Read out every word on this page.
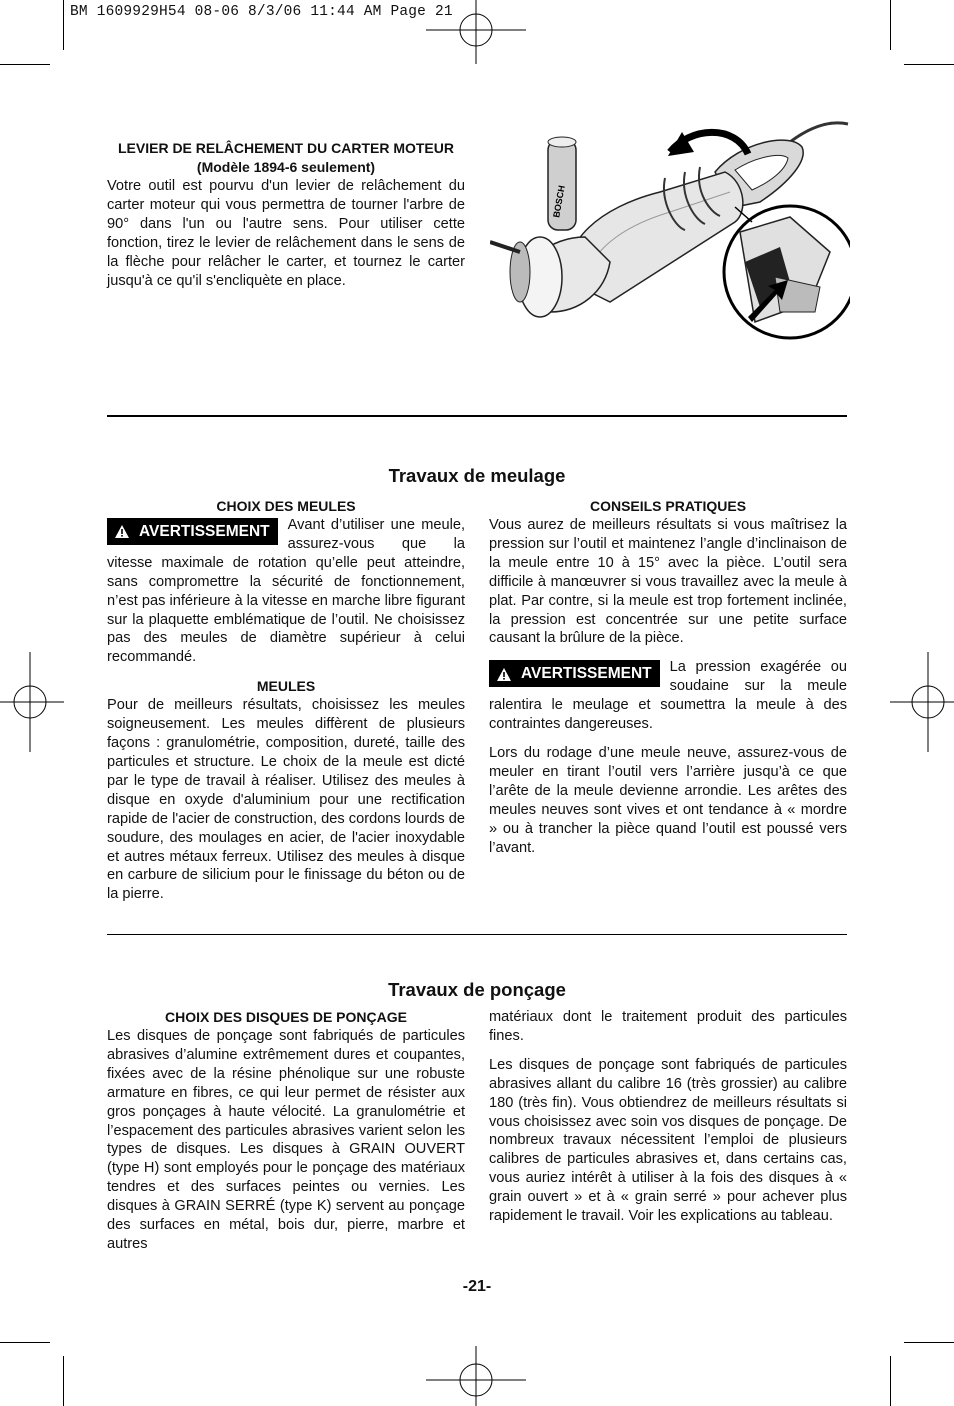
BM 1609929H54 08-06 8/3/06 11:44 AM Page 21
LEVIER DE RELÂCHEMENT DU CARTER MOTEUR
(Modèle 1894-6 seulement)

Votre outil est pourvu d'un levier de relâchement du carter moteur qui vous permettra de tourner l'arbre de 90° dans l'un ou l'autre sens. Pour utiliser cette fonction, tirez le levier de relâchement dans le sens de la flèche pour relâcher le carter, et tournez le carter jusqu'à ce qu'il s'encliquète en place.

BOSCH
Travaux de meulage
CHOIX DES MEULES

AVERTISSEMENT	Avant d’utiliser une meule, assurez-vous que la vitesse maximale de rotation qu’elle peut atteindre, sans compromettre la sécurité de fonctionnement, n’est pas inférieure à la vitesse en marche libre figurant sur la plaquette emblématique de l’outil. Ne choisissez pas des meules de diamètre supérieur à celui recommandé.

MEULES

Pour de meilleurs résultats, choisissez les meules soigneusement. Les meules diffèrent de plusieurs façons : granulométrie, composition, dureté, taille des particules et structure. Le choix de la meule est dicté par le type de travail à réaliser. Utilisez des meules à disque en oxyde d'aluminium pour une rectification rapide de l'acier de construction, des cordons lourds de soudure, des moulages en acier, de l'acier inoxydable et autres métaux ferreux. Utilisez des meules à disque en carbure de silicium pour le finissage du béton ou de la pierre.

CONSEILS PRATIQUES

Vous aurez de meilleurs résultats si vous maîtrisez la pression sur l’outil et maintenez l’angle d’inclinaison de la meule entre 10 à 15° avec la pièce. L’outil sera difficile à manœuvrer si vous travaillez avec la meule à plat. Par contre, si la meule est trop fortement inclinée, la pression est concentrée sur une petite surface causant la brûlure de la pièce.

AVERTISSEMENT	La pression exagérée ou soudaine sur la meule ralentira le meulage et soumettra la meule à des contraintes dangereuses.

Lors du rodage d’une meule neuve, assurez-vous de meuler en tirant l’outil vers l’arrière jusqu’à ce que l’arête de la meule devienne arrondie. Les arêtes des meules neuves sont vives et ont tendance à « mordre » ou à trancher la pièce quand l’outil est poussé vers l’avant.

Travaux de ponçage
CHOIX DES DISQUES DE PONÇAGE

Les disques de ponçage sont fabriqués de particules abrasives d’alumine extrêmement dures et coupantes, fixées avec de la résine phénolique sur une robuste armature en fibres, ce qui leur permet de résister aux gros ponçages à haute vélocité. La granulométrie et l’espacement des particules abrasives varient selon les types de disques. Les disques à GRAIN OUVERT (type H) sont employés pour le ponçage des matériaux tendres et des surfaces peintes ou vernies. Les disques à GRAIN SERRÉ (type K) servent au ponçage des surfaces en métal, bois dur, pierre, marbre et autres

matériaux dont le traitement produit des particules fines.

Les disques de ponçage sont fabriqués de particules abrasives allant du calibre 16 (très grossier) au calibre 180 (très fin). Vous obtiendrez de meilleurs résultats si vous choisissez avec soin vos disques de ponçage. De nombreux travaux nécessitent l’emploi de plusieurs calibres de particules abrasives et, dans certains cas, vous auriez intérêt à utiliser à la fois des disques à « grain ouvert » et à « grain serré » pour achever plus rapidement le travail. Voir les explications au tableau.

-21-
